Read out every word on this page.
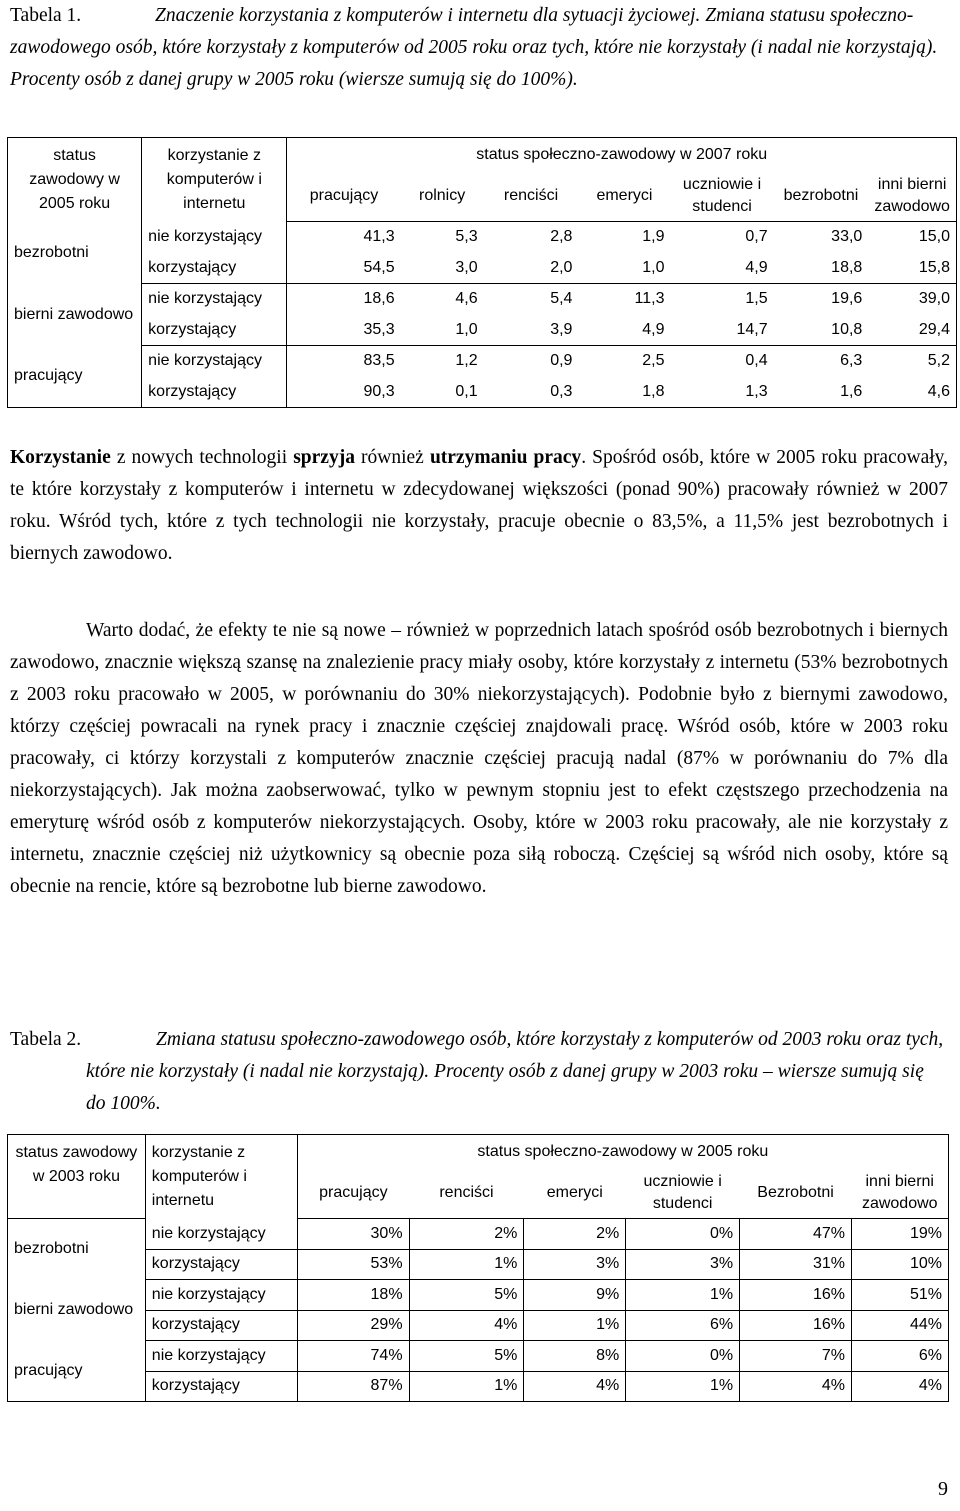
Tabela 1.	Znaczenie korzystania z komputerów i internetu dla sytuacji życiowej. Zmiana statusu społeczno-zawodowego osób, które korzystały z komputerów od 2005 roku oraz tych, które nie korzystały (i nadal nie korzystają). Procenty osób z danej grupy w 2005 roku (wiersze sumują się do 100%).
status zawodowy w 2005 roku	korzystanie z komputerów i internetu	status społeczno-zawodowy w 2007 roku						
		pracujący	rolnicy	renciści	emeryci	uczniowie i studenci	bezrobotni	inni bierni zawodowo
bezrobotni	nie korzystający	41,3	5,3	2,8	1,9	0,7	33,0	15,0
	korzystający	54,5	3,0	2,0	1,0	4,9	18,8	15,8
bierni zawodowo	nie korzystający	18,6	4,6	5,4	11,3	1,5	19,6	39,0
	korzystający	35,3	1,0	3,9	4,9	14,7	10,8	29,4
pracujący	nie korzystający	83,5	1,2	0,9	2,5	0,4	6,3	5,2
	korzystający	90,3	0,1	0,3	1,8	1,3	1,6	4,6
Korzystanie z nowych technologii sprzyja również utrzymaniu pracy. Spośród osób, które w 2005 roku pracowały, te które korzystały z komputerów i internetu w zdecydowanej większości (ponad 90%) pracowały również w 2007 roku. Wśród tych, które z tych technologii nie korzystały, pracuje obecnie o 83,5%, a 11,5% jest bezrobotnych i biernych zawodowo.
Warto dodać, że efekty te nie są nowe – również w poprzednich latach spośród osób bezrobotnych i biernych zawodowo, znacznie większą szansę na znalezienie pracy miały osoby, które korzystały z internetu (53% bezrobotnych z 2003 roku pracowało w 2005, w porównaniu do 30% niekorzystających). Podobnie było z biernymi zawodowo, którzy częściej powracali na rynek pracy i znacznie częściej znajdowali pracę. Wśród osób, które w 2003 roku pracowały, ci którzy korzystali z komputerów znacznie częściej pracują nadal (87% w porównaniu do 7% dla niekorzystających). Jak można zaobserwować, tylko w pewnym stopniu jest to efekt częstszego przechodzenia na emeryturę wśród osób z komputerów niekorzystających. Osoby, które w 2003 roku pracowały, ale nie korzystały z internetu, znacznie częściej niż użytkownicy są obecnie poza siłą roboczą. Częściej są wśród nich osoby, które są obecnie na rencie, które są bezrobotne lub bierne zawodowo.
Tabela 2.	Zmiana statusu społeczno-zawodowego osób, które korzystały z komputerów od 2003 roku oraz tych, które nie korzystały (i nadal nie korzystają). Procenty osób z danej grupy w 2003 roku – wiersze sumują się do 100%.
status zawodowy w 2003 roku	korzystanie z komputerów i internetu	status społeczno-zawodowy w 2005 roku					
		pracujący	renciści	emeryci	uczniowie i studenci	Bezrobotni	inni bierni zawodowo
bezrobotni	nie korzystający	30%	2%	2%	0%	47%	19%
	korzystający	53%	1%	3%	3%	31%	10%
bierni zawodowo	nie korzystający	18%	5%	9%	1%	16%	51%
	korzystający	29%	4%	1%	6%	16%	44%
pracujący	nie korzystający	74%	5%	8%	0%	7%	6%
	korzystający	87%	1%	4%	1%	4%	4%
9
